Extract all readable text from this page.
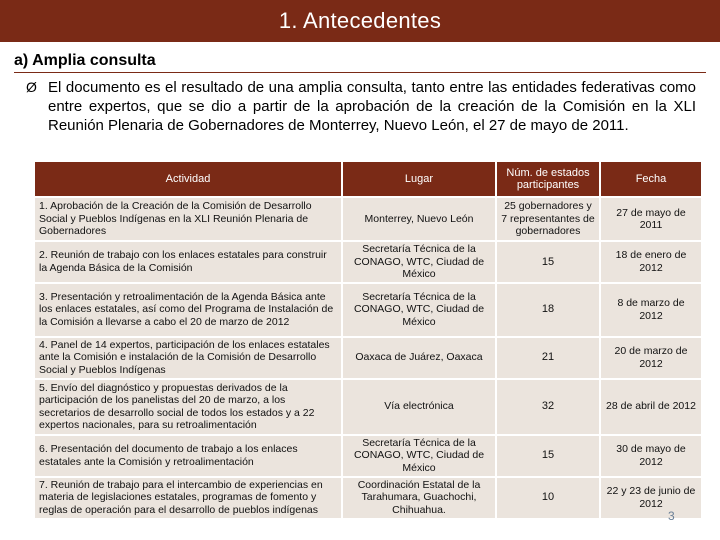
1. Antecedentes
a) Amplia consulta
Ø El documento es el resultado de una amplia consulta, tanto entre las entidades federativas como entre expertos, que se dio a partir de la aprobación de la creación de la Comisión en la XLI Reunión Plenaria de Gobernadores de Monterrey, Nuevo León, el 27 de mayo de 2011.
Actividad	Lugar	Núm. de estados participantes	Fecha
1. Aprobación de la Creación de la Comisión de Desarrollo Social y Pueblos Indígenas en la XLI Reunión Plenaria de Gobernadores	Monterrey, Nuevo León	25 gobernadores y 7 representantes de gobernadores	27 de mayo de 2011
2. Reunión de trabajo con los enlaces estatales para construir la Agenda Básica de la Comisión	Secretaría Técnica de la CONAGO, WTC, Ciudad de México	15	18 de enero de 2012
3. Presentación y retroalimentación de la Agenda Básica ante los enlaces estatales, así como del Programa de Instalación de la Comisión a llevarse a cabo el 20 de marzo de 2012	Secretaría Técnica de la CONAGO, WTC, Ciudad de México	18	8 de marzo de 2012
4. Panel de 14 expertos, participación de los enlaces estatales ante la Comisión e instalación de la Comisión de Desarrollo Social y Pueblos Indígenas	Oaxaca de Juárez, Oaxaca	21	20 de marzo de 2012
5. Envío del diagnóstico y propuestas derivados de la participación de los panelistas del 20 de marzo, a los secretarios de desarrollo social de todos los estados y a 22 expertos nacionales, para su retroalimentación	Vía electrónica	32	28 de abril de 2012
6. Presentación del documento de trabajo a los enlaces estatales ante la Comisión y retroalimentación	Secretaría Técnica de la CONAGO, WTC, Ciudad de México	15	30 de mayo de 2012
7. Reunión de trabajo para el intercambio de experiencias en materia de legislaciones estatales, programas de fomento y reglas de operación para el desarrollo de pueblos indígenas	Coordinación Estatal de la Tarahumara, Guachochi, Chihuahua.	10	22 y 23 de junio de 2012
3
